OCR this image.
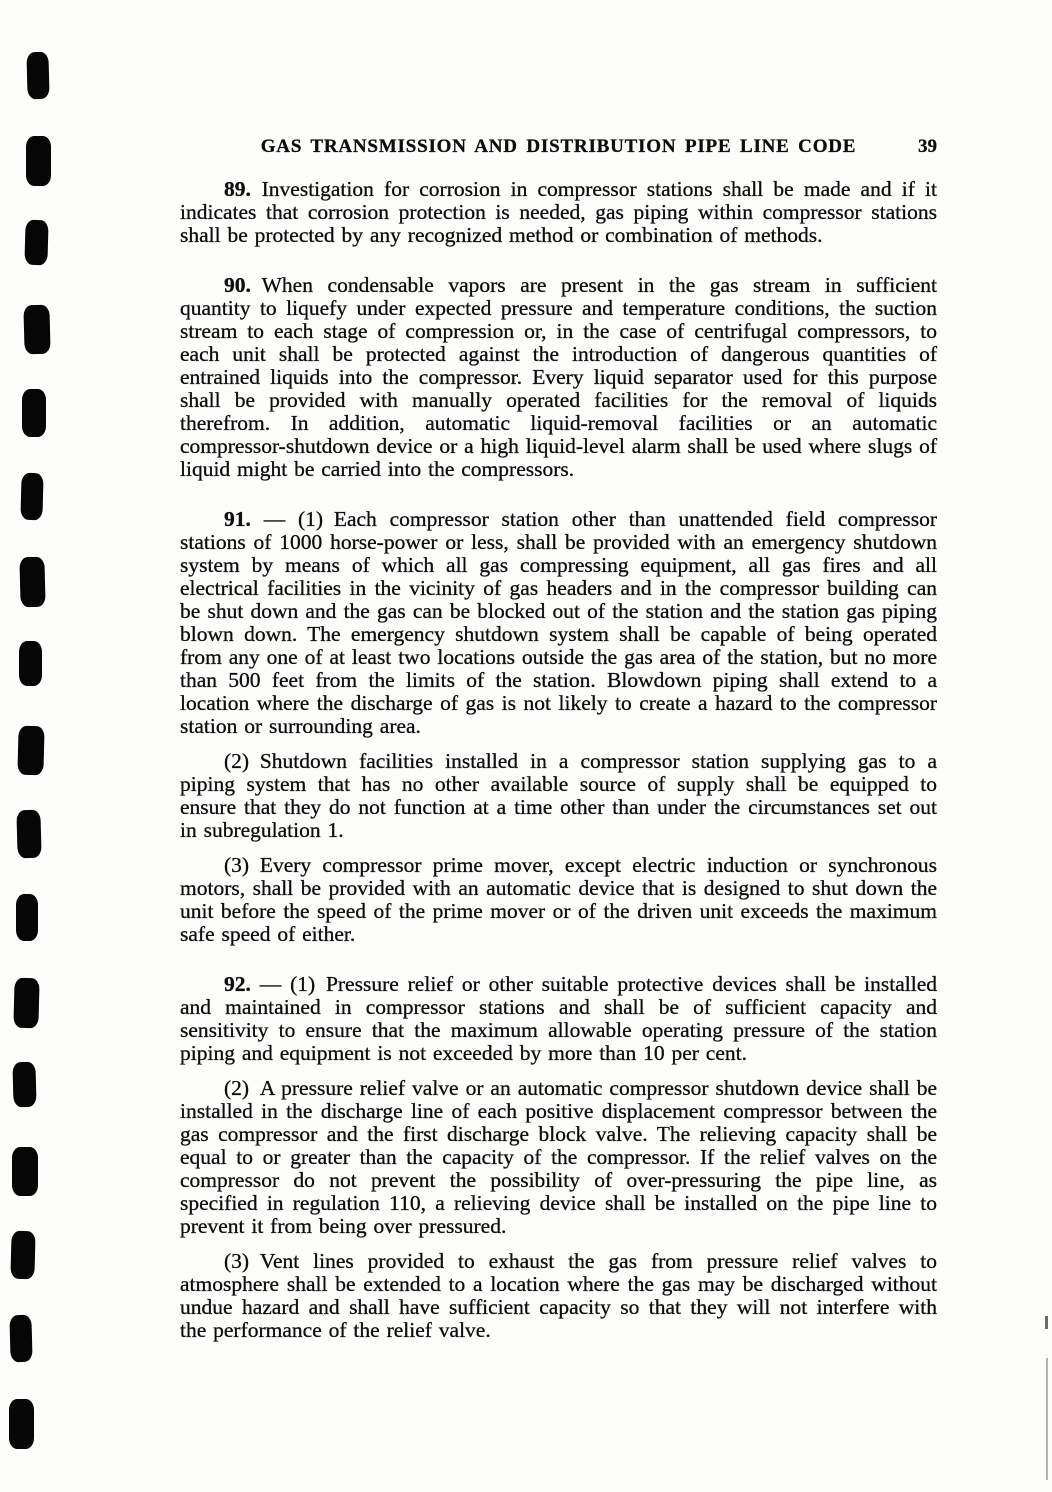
GAS TRANSMISSION AND DISTRIBUTION PIPE LINE CODE	39

89.  Investigation for corrosion in compressor stations shall be made and if it indicates that corrosion protection is needed, gas piping within compressor stations shall be protected by any recognized method or combination of methods.

90.  When condensable vapors are present in the gas stream in sufficient quantity to liquefy under expected pressure and temperature conditions, the suction stream to each stage of compression or, in the case of centrifugal compressors, to each unit shall be protected against the introduction of dangerous quantities of entrained liquids into the compressor. Every liquid separator used for this purpose shall be provided with manually operated facilities for the removal of liquids therefrom. In addition, automatic liquid-removal facilities or an automatic compressor-shutdown device or a high liquid-level alarm shall be used where slugs of liquid might be carried into the compressors.

91. — (1)  Each compressor station other than unattended field compressor stations of 1000 horse-power or less, shall be provided with an emergency shutdown system by means of which all gas compressing equipment, all gas fires and all electrical facilities in the vicinity of gas headers and in the compressor building can be shut down and the gas can be blocked out of the station and the station gas piping blown down. The emergency shutdown system shall be capable of being operated from any one of at least two locations outside the gas area of the station, but no more than 500 feet from the limits of the station. Blowdown piping shall extend to a location where the discharge of gas is not likely to create a hazard to the compressor station or surrounding area.

(2)  Shutdown facilities installed in a compressor station supplying gas to a piping system that has no other available source of supply shall be equipped to ensure that they do not function at a time other than under the circumstances set out in subregulation 1.

(3)  Every compressor prime mover, except electric induction or synchronous motors, shall be provided with an automatic device that is designed to shut down the unit before the speed of the prime mover or of the driven unit exceeds the maximum safe speed of either.

92. — (1)  Pressure relief or other suitable protective devices shall be installed and maintained in compressor stations and shall be of sufficient capacity and sensitivity to ensure that the maximum allowable operating pressure of the station piping and equipment is not exceeded by more than 10 per cent.

(2)  A pressure relief valve or an automatic compressor shutdown device shall be installed in the discharge line of each positive displacement compressor between the gas compressor and the first discharge block valve. The relieving capacity shall be equal to or greater than the capacity of the compressor. If the relief valves on the compressor do not prevent the possibility of over-pressuring the pipe line, as specified in regulation 110, a relieving device shall be installed on the pipe line to prevent it from being over pressured.

(3)  Vent lines provided to exhaust the gas from pressure relief valves to atmosphere shall be extended to a location where the gas may be discharged without undue hazard and shall have sufficient capacity so that they will not interfere with the performance of the relief valve.
